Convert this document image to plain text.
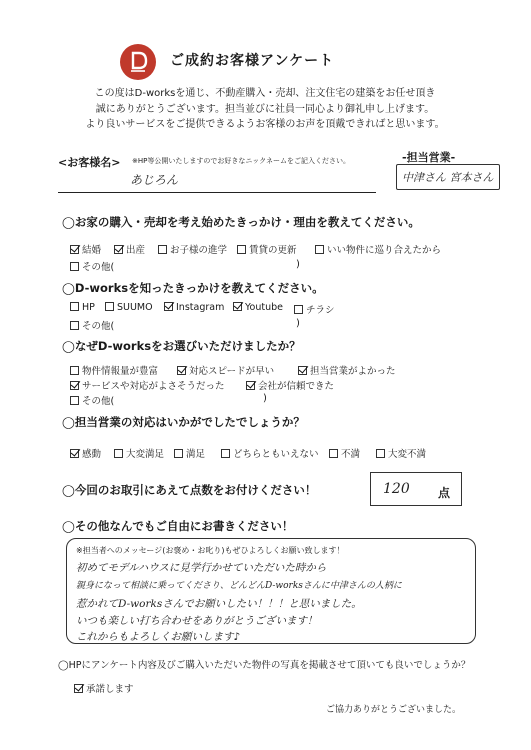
ご成約お客様アンケート
この度はD-worksを通じ、不動産購入・売却、注文住宅の建築をお任せ頂き
誠にありがとうございます。担当並びに社員一同心より御礼申し上げます。
より良いサービスをご提供できるようお客様のお声を頂戴できればと思います。
<お客様名> ※HP等公開いたしますのでお好きなニックネームをご記入ください。
あじろん
-担当営業-
中津さん 宮本さん
◯お家の購入・売却を考え始めたきっかけ・理由を教えてください。
結婚	出産	お子様の進学	賃貸の更新	いい物件に巡り合えたから
その他(	)
◯D-worksを知ったきっかけを教えてください。
HP	SUUMO	Instagram	Youtube	チラシ
その他(	)
◯なぜD-worksをお選びいただけましたか？
物件情報量が豊富	対応スピードが早い	担当営業がよかった
サービスや対応がよさそうだった	会社が信頼できた
その他(	)
◯担当営業の対応はいかがでしたでしょうか？
感動	大変満足	満足	どちらともいえない	不満	大変不満
◯今回のお取引にあえて点数をお付けください！	120 点
◯その他なんでもご自由にお書きください！
※担当者へのメッセージ(お褒め・お叱り)もぜひよろしくお願い致します！
初めてモデルハウスに見学行かせていただいた時から
親身になって相談に乗ってくださり、どんどんD-worksさんに中津さんの人柄に
惹かれてD-worksさんでお願いしたい！！！と思いました。
いつも楽しい打ち合わせをありがとうございます！
これからもよろしくお願いします♪
◯HPにアンケート内容及びご購入いただいた物件の写真を掲載させて頂いても良いでしょうか？
承諾します
ご協力ありがとうございました。
